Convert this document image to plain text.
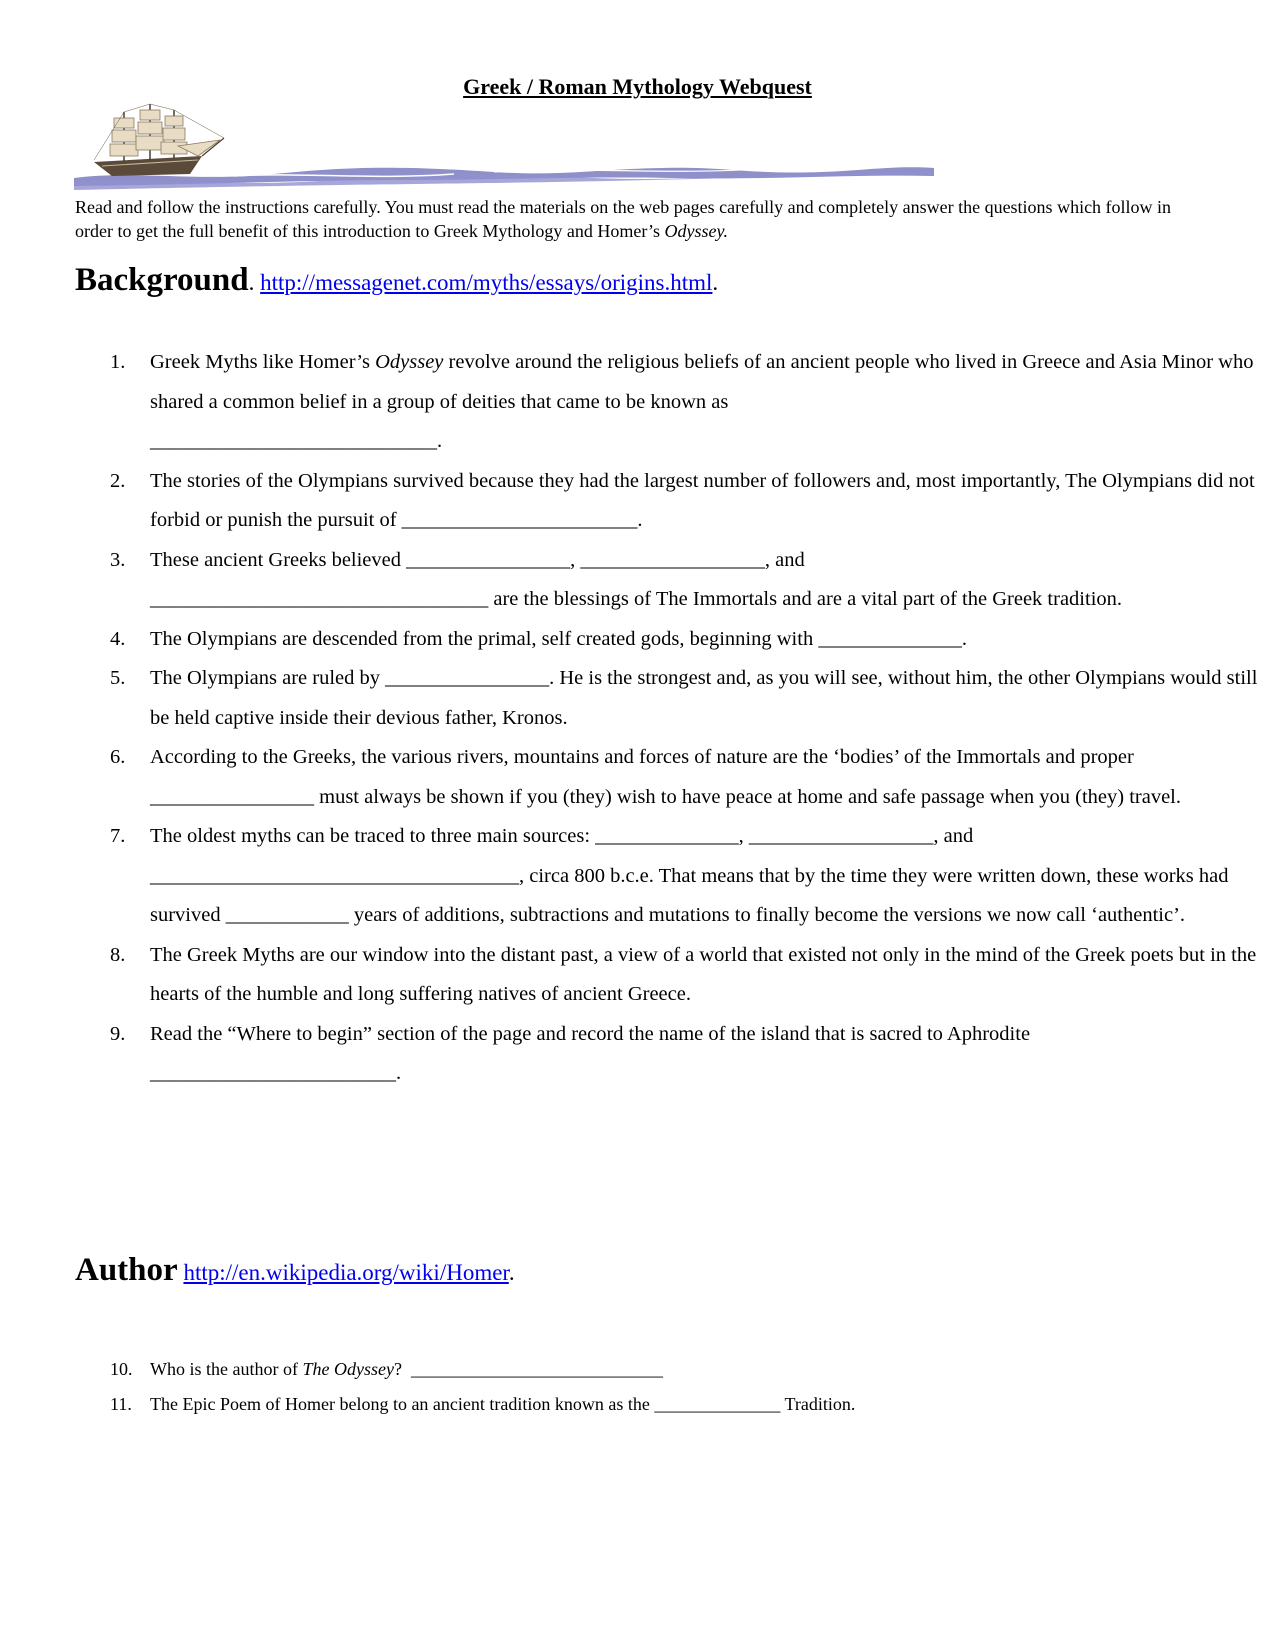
Greek / Roman Mythology Webquest
Read and follow the instructions carefully. You must read the materials on the web pages carefully and completely answer the questions which follow in order to get the full benefit of this introduction to Greek Mythology and Homer’s Odyssey.
Background. http://messagenet.com/myths/essays/origins.html.
1.	Greek Myths like Homer’s Odyssey revolve around the religious beliefs of an ancient people who lived in Greece and Asia Minor who shared a common belief in a group of deities that came to be known as
____________________________.
2.	The stories of the Olympians survived because they had the largest number of followers and, most importantly, The Olympians did not forbid or punish the pursuit of _______________________.
3.	These ancient Greeks believed ________________, __________________, and
_________________________________ are the blessings of The Immortals and are a vital part of the Greek tradition.
4.	The Olympians are descended from the primal, self created gods, beginning with ______________.
5.	The Olympians are ruled by ________________. He is the strongest and, as you will see, without him, the other Olympians would still be held captive inside their devious father, Kronos.
6.	According to the Greeks, the various rivers, mountains and forces of nature are the ‘bodies’ of the Immortals and proper ________________ must always be shown if you (they) wish to have peace at home and safe passage when you (they) travel.
7.	The oldest myths can be traced to three main sources: ______________, __________________, and
____________________________________, circa 800 b.c.e. That means that by the time they were written down, these works had survived ____________ years of additions, subtractions and mutations to finally become the versions we now call ‘authentic’.
8.	The Greek Myths are our window into the distant past, a view of a world that existed not only in the mind of the Greek poets but in the hearts of the humble and long suffering natives of ancient Greece.
9.	Read the “Where to begin” section of the page and record the name of the island that is sacred to Aphrodite
________________________.
Author http://en.wikipedia.org/wiki/Homer.
10. Who is the author of The Odyssey?  ____________________________
11.	The Epic Poem of Homer belong to an ancient tradition known as the ______________ Tradition.
